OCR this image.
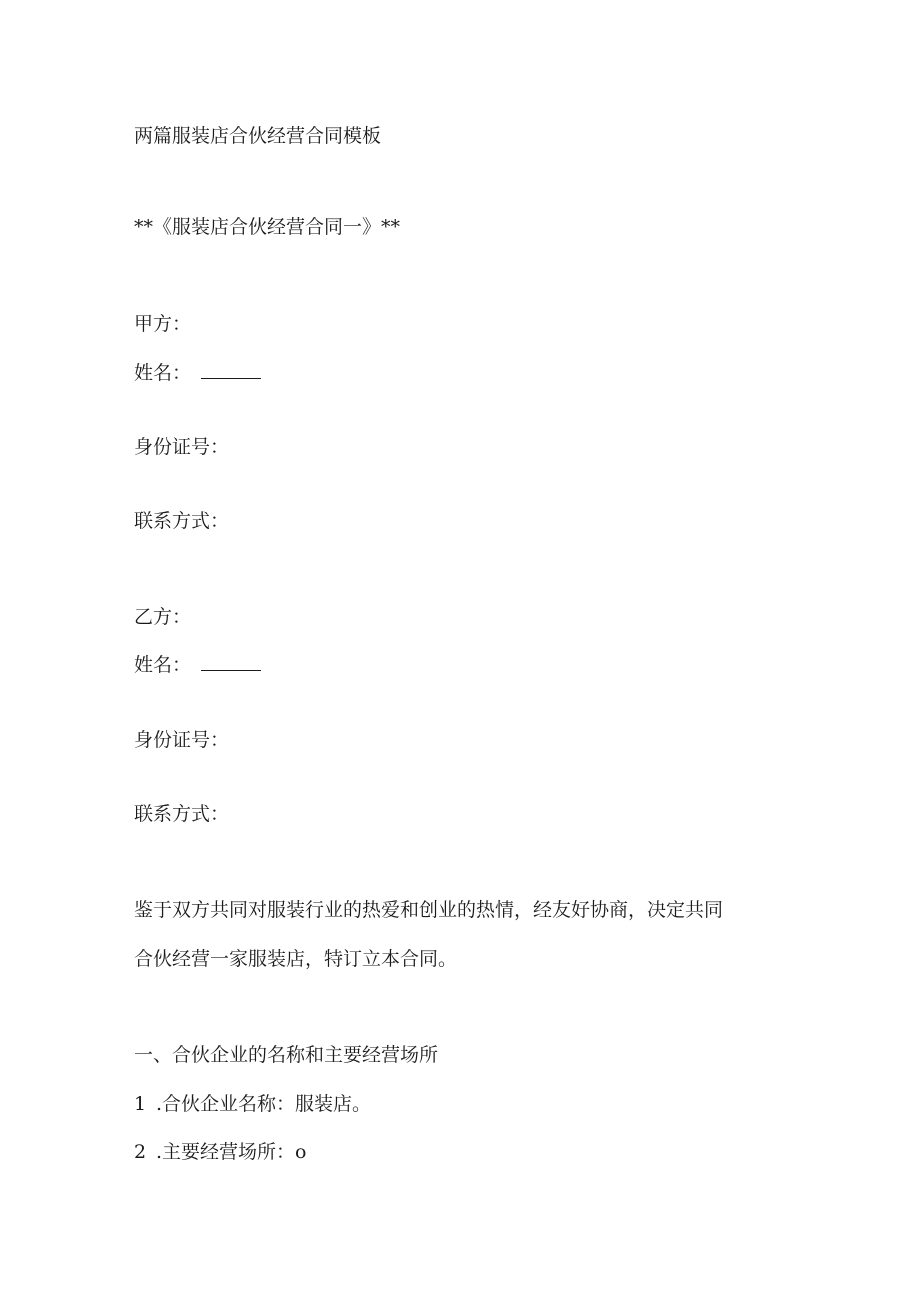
两篇服装店合伙经营合同模板
**《服装店合伙经营合同一》**
甲方：
姓名：
身份证号：
联系方式：
乙方：
姓名：
身份证号：
联系方式：
鉴于双方共同对服装行业的热爱和创业的热情，经友好协商，决定共同
合伙经营一家服装店，特订立本合同。
一、合伙企业的名称和主要经营场所
1 .合伙企业名称：服装店。
2 .主要经营场所：o
